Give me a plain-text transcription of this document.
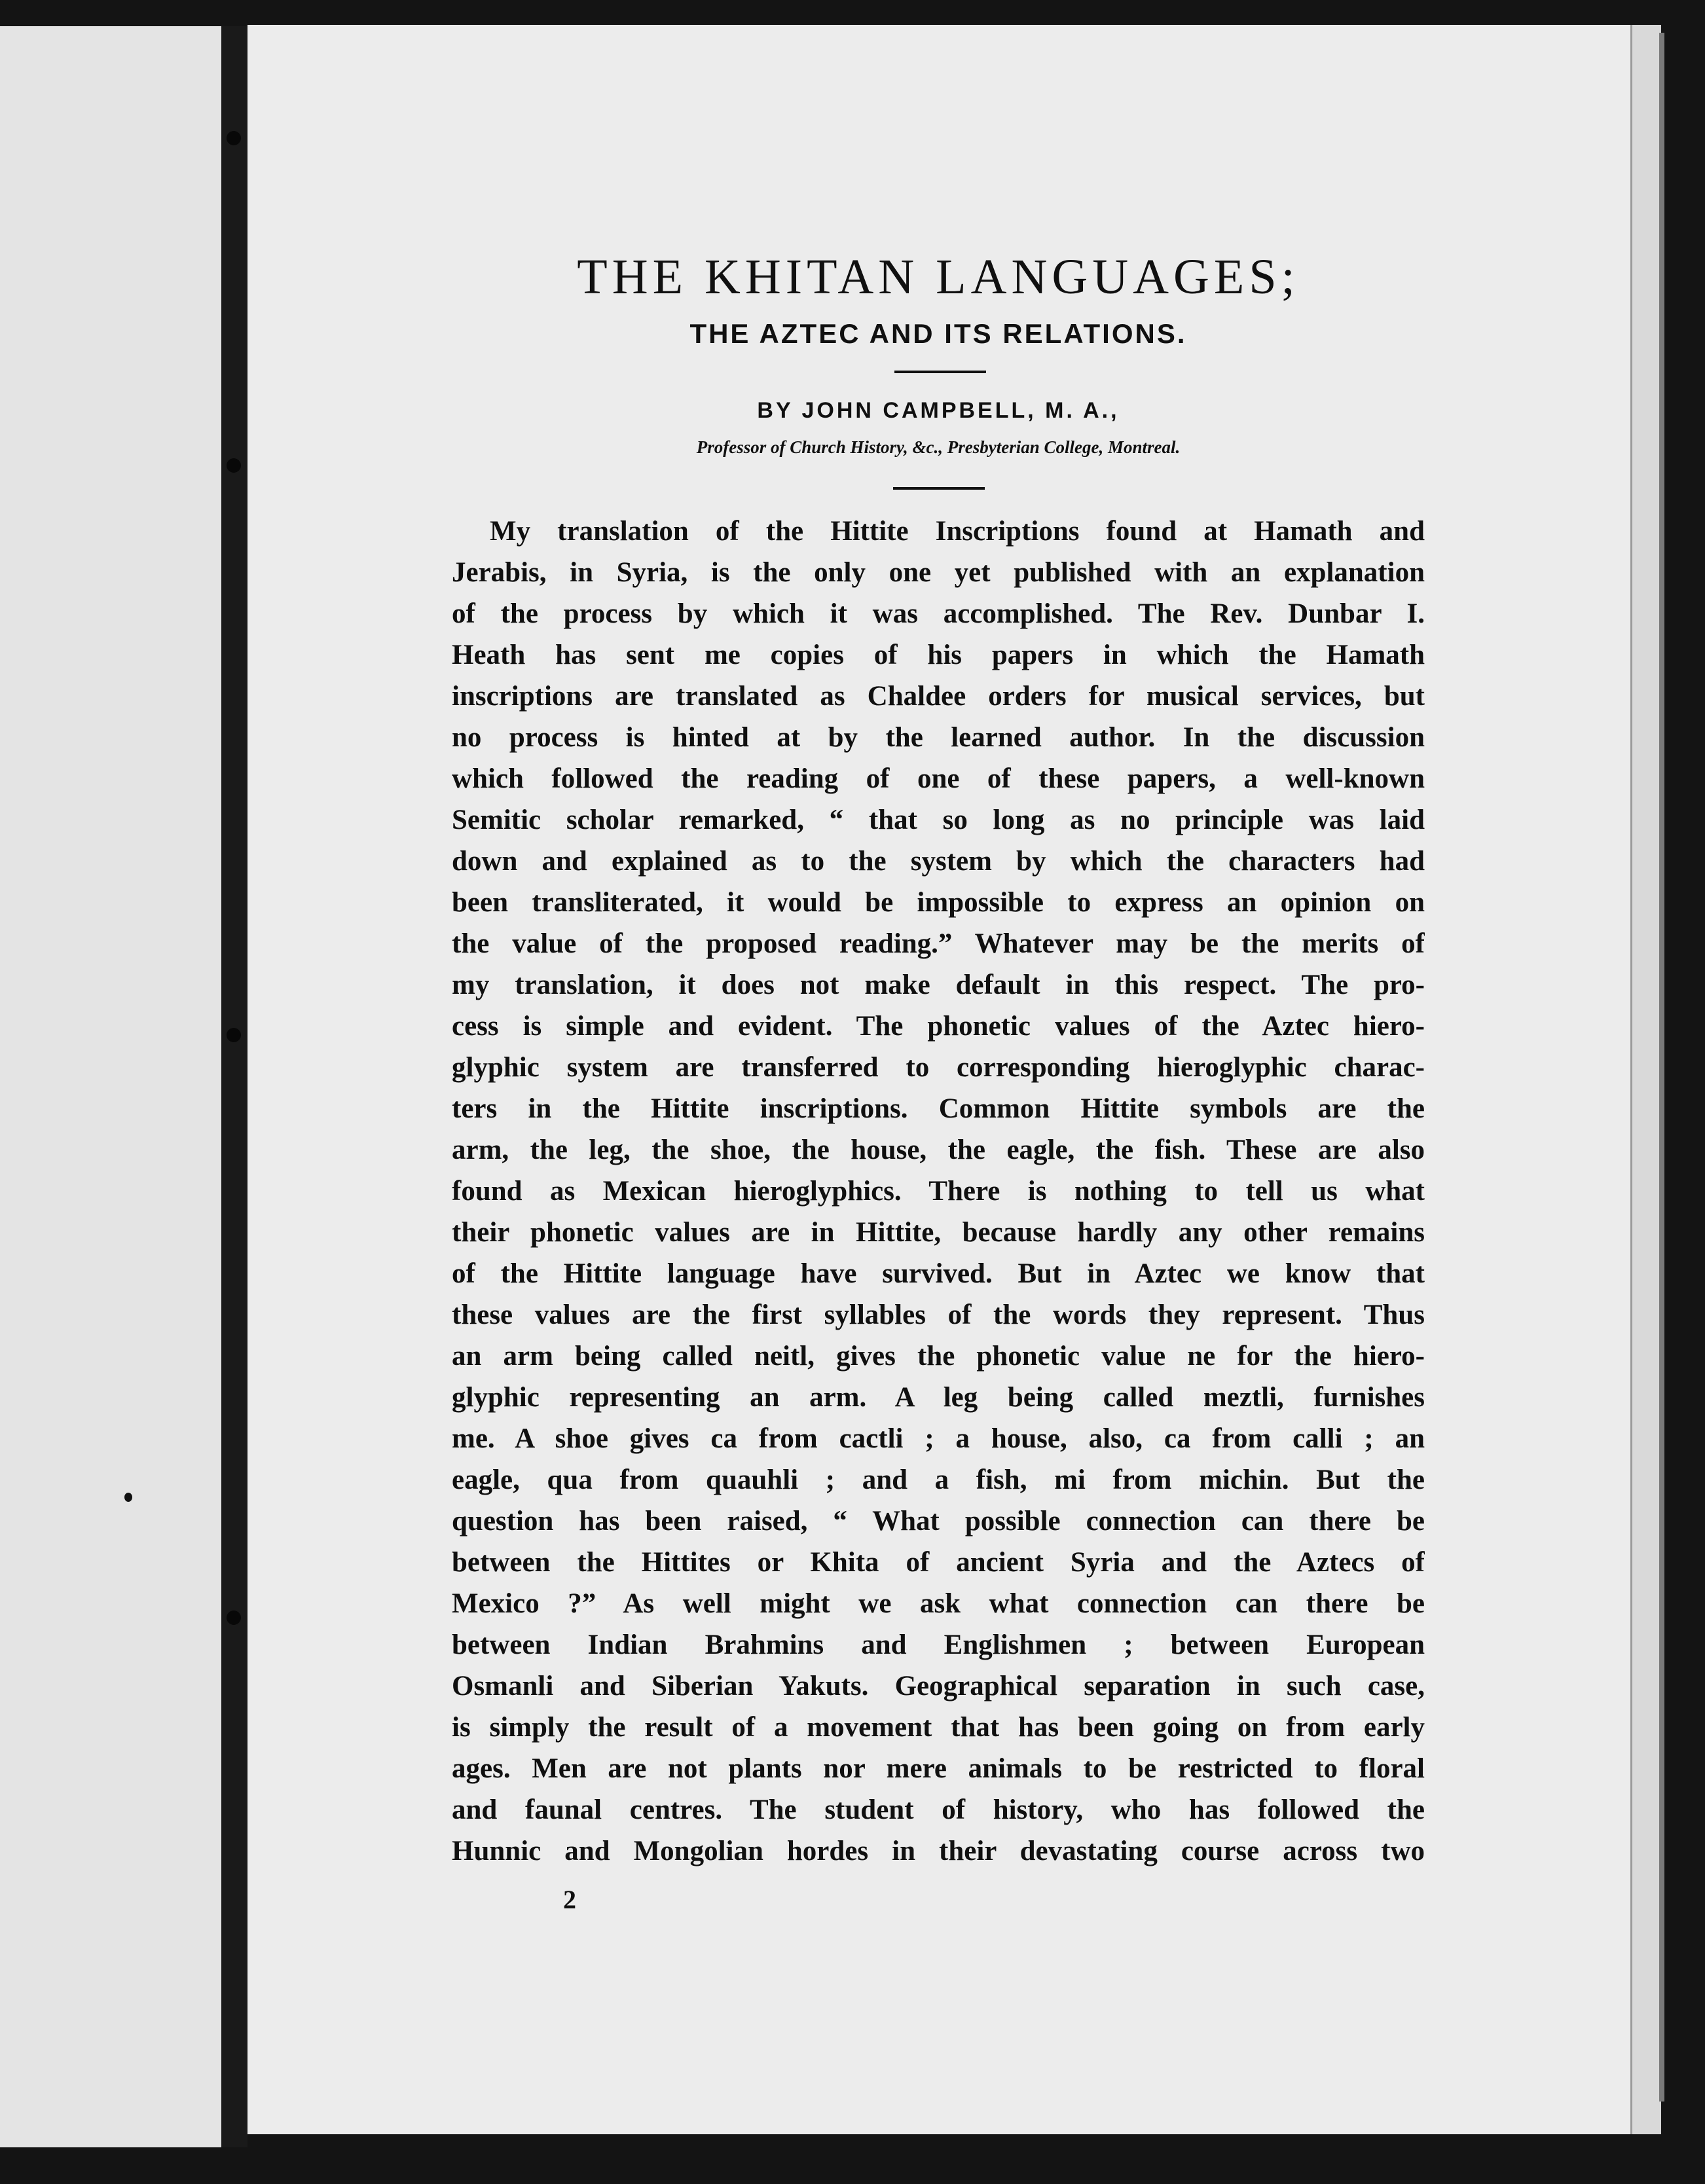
THE KHITAN LANGUAGES;
THE AZTEC AND ITS RELATIONS.
BY JOHN CAMPBELL, M. A.,
Professor of Church History, &c., Presbyterian College, Montreal.
My translation of the Hittite Inscriptions found at Hamath and
Jerabis, in Syria, is the only one yet published with an explanation
of the process by which it was accomplished. The Rev. Dunbar I.
Heath has sent me copies of his papers in which the Hamath
inscriptions are translated as Chaldee orders for musical services, but
no process is hinted at by the learned author. In the discussion
which followed the reading of one of these papers, a well-known
Semitic scholar remarked, “ that so long as no principle was laid
down and explained as to the system by which the characters had
been transliterated, it would be impossible to express an opinion on
the value of the proposed reading.” Whatever may be the merits of
my translation, it does not make default in this respect. The pro-
cess is simple and evident. The phonetic values of the Aztec hiero-
glyphic system are transferred to corresponding hieroglyphic charac-
ters in the Hittite inscriptions. Common Hittite symbols are the
arm, the leg, the shoe, the house, the eagle, the fish. These are also
found as Mexican hieroglyphics. There is nothing to tell us what
their phonetic values are in Hittite, because hardly any other remains
of the Hittite language have survived. But in Aztec we know that
these values are the first syllables of the words they represent. Thus
an arm being called neitl, gives the phonetic value ne for the hiero-
glyphic representing an arm. A leg being called meztli, furnishes
me. A shoe gives ca from cactli ; a house, also, ca from calli ; an
eagle, qua from quauhli ; and a fish, mi from michin. But the
question has been raised, “ What possible connection can there be
between the Hittites or Khita of ancient Syria and the Aztecs of
Mexico ?” As well might we ask what connection can there be
between Indian Brahmins and Englishmen ; between European
Osmanli and Siberian Yakuts. Geographical separation in such case,
is simply the result of a movement that has been going on from early
ages. Men are not plants nor mere animals to be restricted to floral
and faunal centres. The student of history, who has followed the
Hunnic and Mongolian hordes in their devastating course across two
2
